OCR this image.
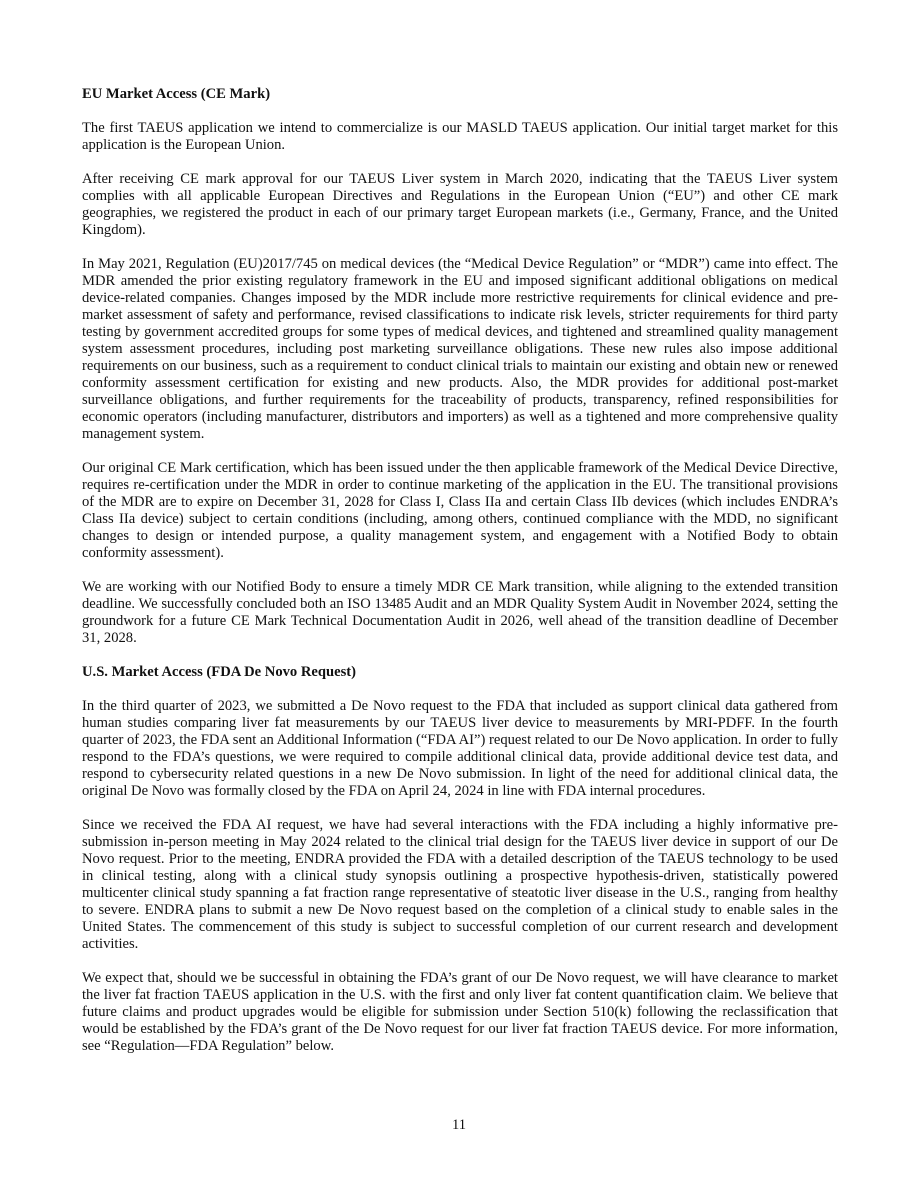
EU Market Access (CE Mark)

The first TAEUS application we intend to commercialize is our MASLD TAEUS application. Our initial target market for this application is the European Union.

After receiving CE mark approval for our TAEUS Liver system in March 2020, indicating that the TAEUS Liver system complies with all applicable European Directives and Regulations in the European Union (“EU”) and other CE mark geographies, we registered the product in each of our primary target European markets (i.e., Germany, France, and the United Kingdom).

In May 2021, Regulation (EU)2017/745 on medical devices (the “Medical Device Regulation” or “MDR”) came into effect. The MDR amended the prior existing regulatory framework in the EU and imposed significant additional obligations on medical device-related companies. Changes imposed by the MDR include more restrictive requirements for clinical evidence and pre-market assessment of safety and performance, revised classifications to indicate risk levels, stricter requirements for third party testing by government accredited groups for some types of medical devices, and tightened and streamlined quality management system assessment procedures, including post marketing surveillance obligations. These new rules also impose additional requirements on our business, such as a requirement to conduct clinical trials to maintain our existing and obtain new or renewed conformity assessment certification for existing and new products. Also, the MDR provides for additional post-market surveillance obligations, and further requirements for the traceability of products, transparency, refined responsibilities for economic operators (including manufacturer, distributors and importers) as well as a tightened and more comprehensive quality management system.

Our original CE Mark certification, which has been issued under the then applicable framework of the Medical Device Directive, requires re-certification under the MDR in order to continue marketing of the application in the EU. The transitional provisions of the MDR are to expire on December 31, 2028 for Class I, Class IIa and certain Class IIb devices (which includes ENDRA’s Class IIa device) subject to certain conditions (including, among others, continued compliance with the MDD, no significant changes to design or intended purpose, a quality management system, and engagement with a Notified Body to obtain conformity assessment).

We are working with our Notified Body to ensure a timely MDR CE Mark transition, while aligning to the extended transition deadline. We successfully concluded both an ISO 13485 Audit and an MDR Quality System Audit in November 2024, setting the groundwork for a future CE Mark Technical Documentation Audit in 2026, well ahead of the transition deadline of December 31, 2028.

U.S. Market Access (FDA De Novo Request)

In the third quarter of 2023, we submitted a De Novo request to the FDA that included as support clinical data gathered from human studies comparing liver fat measurements by our TAEUS liver device to measurements by MRI-PDFF. In the fourth quarter of 2023, the FDA sent an Additional Information (“FDA AI”) request related to our De Novo application. In order to fully respond to the FDA’s questions, we were required to compile additional clinical data, provide additional device test data, and respond to cybersecurity related questions in a new De Novo submission. In light of the need for additional clinical data, the original De Novo was formally closed by the FDA on April 24, 2024 in line with FDA internal procedures.

Since we received the FDA AI request, we have had several interactions with the FDA including a highly informative pre-submission in-person meeting in May 2024 related to the clinical trial design for the TAEUS liver device in support of our De Novo request. Prior to the meeting, ENDRA provided the FDA with a detailed description of the TAEUS technology to be used in clinical testing, along with a clinical study synopsis outlining a prospective hypothesis-driven, statistically powered multicenter clinical study spanning a fat fraction range representative of steatotic liver disease in the U.S., ranging from healthy to severe. ENDRA plans to submit a new De Novo request based on the completion of a clinical study to enable sales in the United States. The commencement of this study is subject to successful completion of our current research and development activities.

We expect that, should we be successful in obtaining the FDA’s grant of our De Novo request, we will have clearance to market the liver fat fraction TAEUS application in the U.S. with the first and only liver fat content quantification claim. We believe that future claims and product upgrades would be eligible for submission under Section 510(k) following the reclassification that would be established by the FDA’s grant of the De Novo request for our liver fat fraction TAEUS device. For more information, see “Regulation—FDA Regulation” below.

11
